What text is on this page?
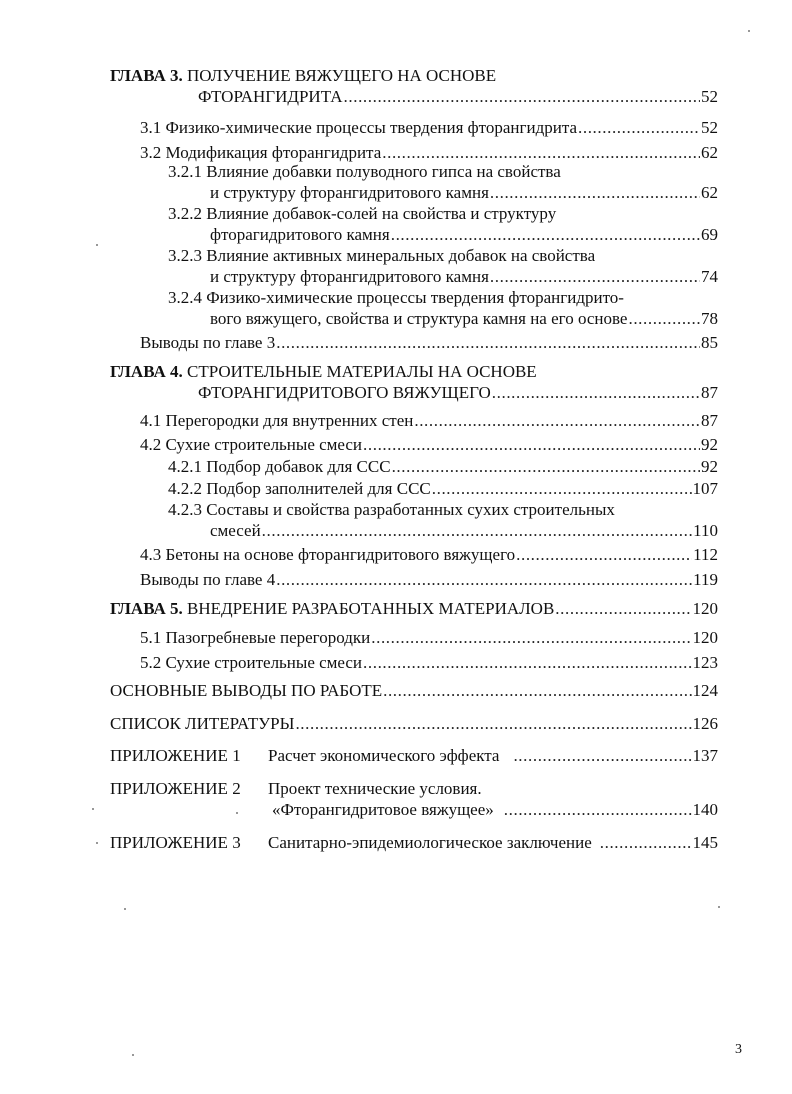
ГЛАВА 3.
ПОЛУЧЕНИЕ ВЯЖУЩЕГО НА ОСНОВЕ
ФТОРАНГИДРИТА .....	52
3.1 Физико-химические процессы твердения фторангидрита .....	52
3.2 Модификация фторангидрита .....	62
3.2.1 Влияние добавки полуводного гипса на свойства
и структуру фторангидритового камня .....	62
3.2.2 Влияние добавок-солей на свойства и структуру
фторагидритового камня .....	69
3.2.3 Влияние активных минеральных добавок на свойства
и структуру фторангидритового камня .....	74
3.2.4 Физико-химические процессы твердения фторангидрито-
вого вяжущего, свойства и структура камня на его основе .....	78
Выводы по главе 3 .....	85
ГЛАВА 4.
СТРОИТЕЛЬНЫЕ МАТЕРИАЛЫ НА ОСНОВЕ
ФТОРАНГИДРИТОВОГО ВЯЖУЩЕГО .....	87
4.1 Перегородки для внутренних стен .....	87
4.2 Сухие строительные смеси .....	92
4.2.1 Подбор добавок для ССС .....	92
4.2.2 Подбор заполнителей для ССС .....	107
4.2.3 Составы и свойства разработанных сухих строительных
смесей .....	110
4.3 Бетоны на основе фторангидритового вяжущего .....	112
Выводы по главе 4 .....	119
ГЛАВА 5.
ВНЕДРЕНИЕ РАЗРАБОТАННЫХ МАТЕРИАЛОВ .....	120
5.1 Пазогребневые перегородки .....	120
5.2 Сухие строительные смеси .....	123
ОСНОВНЫЕ ВЫВОДЫ ПО РАБОТЕ .....	124
СПИСОК ЛИТЕРАТУРЫ .....	126
ПРИЛОЖЕНИЕ 1	Расчет экономического эффекта .....	137
ПРИЛОЖЕНИЕ 2	Проект технические условия.
«Фторангидритовое вяжущее» .....	140
ПРИЛОЖЕНИЕ 3	Санитарно-эпидемиологическое заключение .....	145
3
